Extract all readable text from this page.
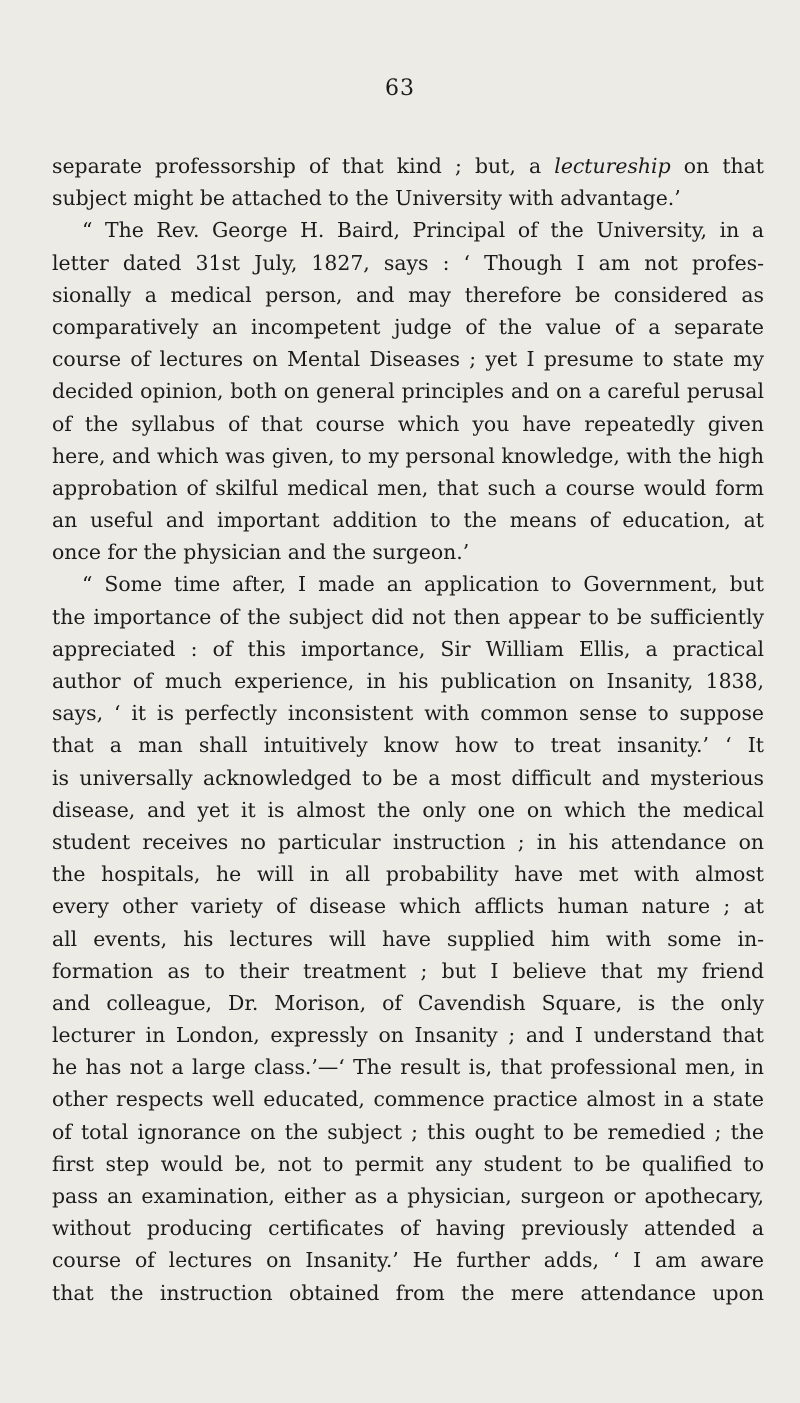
63
separate professorship of that kind ; but, a lectureship on that
subject might be attached to the University with advantage.’
“ The Rev. George H. Baird, Principal of the University, in a
letter dated 31st July, 1827, says : ‘ Though I am not profes-
sionally a medical person, and may therefore be considered as
comparatively an incompetent judge of the value of a separate
course of lectures on Mental Diseases ; yet I presume to state my
decided opinion, both on general principles and on a careful perusal
of the syllabus of that course which you have repeatedly given
here, and which was given, to my personal knowledge, with the high
approbation of skilful medical men, that such a course would form
an useful and important addition to the means of education, at
once for the physician and the surgeon.’
“ Some time after, I made an application to Government, but
the importance of the subject did not then appear to be sufficiently
appreciated : of this importance, Sir William Ellis, a practical
author of much experience, in his publication on Insanity, 1838,
says, ‘ it is perfectly inconsistent with common sense to suppose
that a man shall intuitively know how to treat insanity.’ ‘ It
is universally acknowledged to be a most difficult and mysterious
disease, and yet it is almost the only one on which the medical
student receives no particular instruction ; in his attendance on
the hospitals, he will in all probability have met with almost
every other variety of disease which afflicts human nature ; at
all events, his lectures will have supplied him with some in-
formation as to their treatment ; but I believe that my friend
and colleague, Dr. Morison, of Cavendish Square, is the only
lecturer in London, expressly on Insanity ; and I understand that
he has not a large class.’—‘ The result is, that professional men, in
other respects well educated, commence practice almost in a state
of total ignorance on the subject ; this ought to be remedied ; the
first step would be, not to permit any student to be qualified to
pass an examination, either as a physician, surgeon or apothecary,
without producing certificates of having previously attended a
course of lectures on Insanity.’ He further adds, ‘ I am aware
that the instruction obtained from the mere attendance upon
